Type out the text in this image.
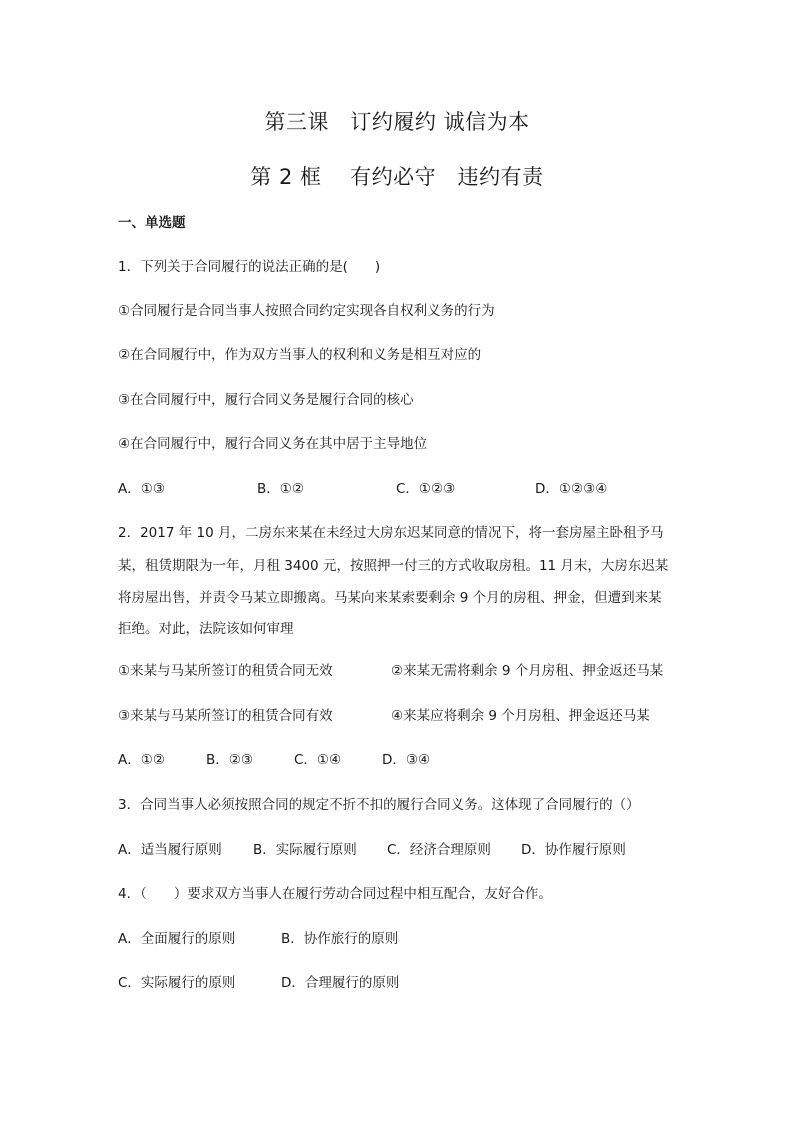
第三课　订约履约 诚信为本
第 2 框　 有约必守　违约有责
一、单选题
1．下列关于合同履行的说法正确的是(　　)
①合同履行是合同当事人按照合同约定实现各自权利义务的行为
②在合同履行中，作为双方当事人的权利和义务是相互对应的
③在合同履行中，履行合同义务是履行合同的核心
④在合同履行中，履行合同义务在其中居于主导地位
A．①③	B．①②	C．①②③	D．①②③④
2．2017 年 10 月，二房东来某在未经过大房东迟某同意的情况下，将一套房屋主卧租予马
某，租赁期限为一年，月租 3400 元，按照押一付三的方式收取房租。11 月末，大房东迟某
将房屋出售，并责令马某立即搬离。马某向来某索要剩余 9 个月的房租、押金，但遭到来某
拒绝。对此，法院该如何审理
①来某与马某所签订的租赁合同无效	②来某无需将剩余 9 个月房租、押金返还马某
③来某与马某所签订的租赁合同有效	④来某应将剩余 9 个月房租、押金返还马某
A．①②	B．②③	C．①④	D．③④
3．合同当事人必须按照合同的规定不折不扣的履行合同义务。这体现了合同履行的（）
A．适当履行原则 B．实际履行原则 C．经济合理原则 D．协作履行原则
4．（　　）要求双方当事人在履行劳动合同过程中相互配合，友好合作。
A．全面履行的原则	B．协作旅行的原则
C．实际履行的原则	D．合理履行的原则
